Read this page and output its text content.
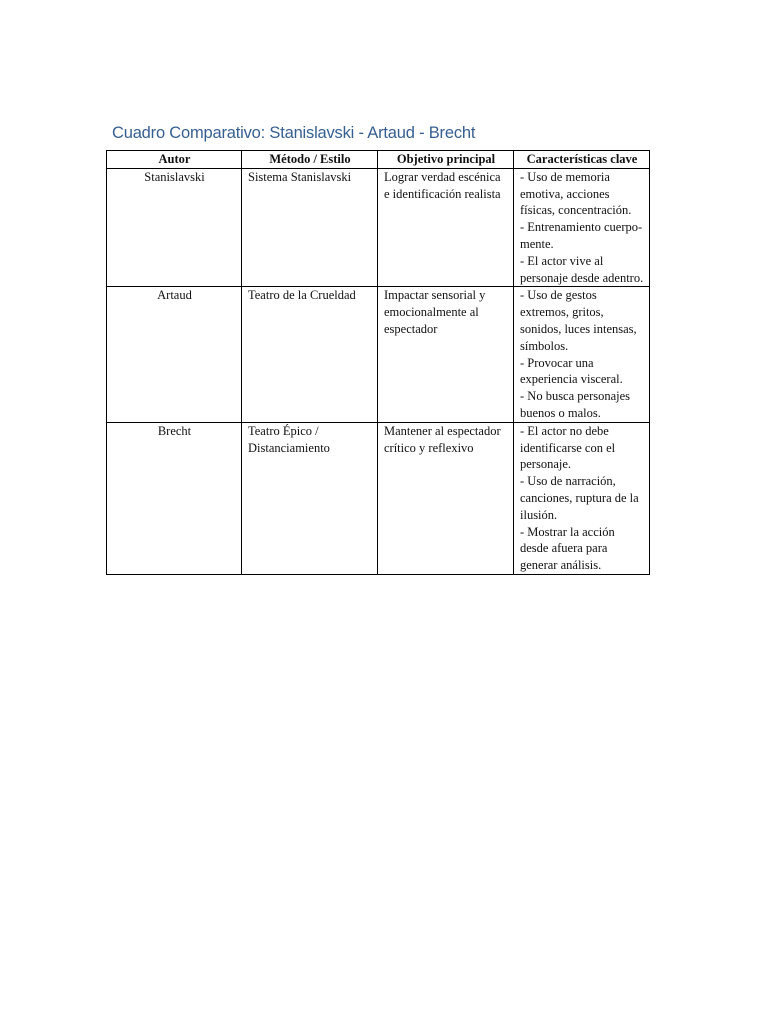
Cuadro Comparativo: Stanislavski - Artaud - Brecht
Autor	Método / Estilo	Objetivo principal	Características clave
Stanislavski	Sistema Stanislavski	Lograr verdad escénica e identificación realista	- Uso de memoria emotiva, acciones físicas, concentración.
- Entrenamiento cuerpo-mente.
- El actor vive al personaje desde adentro.

Artaud	Teatro de la Crueldad	Impactar sensorial y emocionalmente al espectador	- Uso de gestos extremos, gritos, sonidos, luces intensas, símbolos.
- Provocar una experiencia visceral.
- No busca personajes buenos o malos.

Brecht	Teatro Épico / Distanciamiento	Mantener al espectador crítico y reflexivo	- El actor no debe identificarse con el personaje.
- Uso de narración, canciones, ruptura de la ilusión.
- Mostrar la acción desde afuera para generar análisis.
